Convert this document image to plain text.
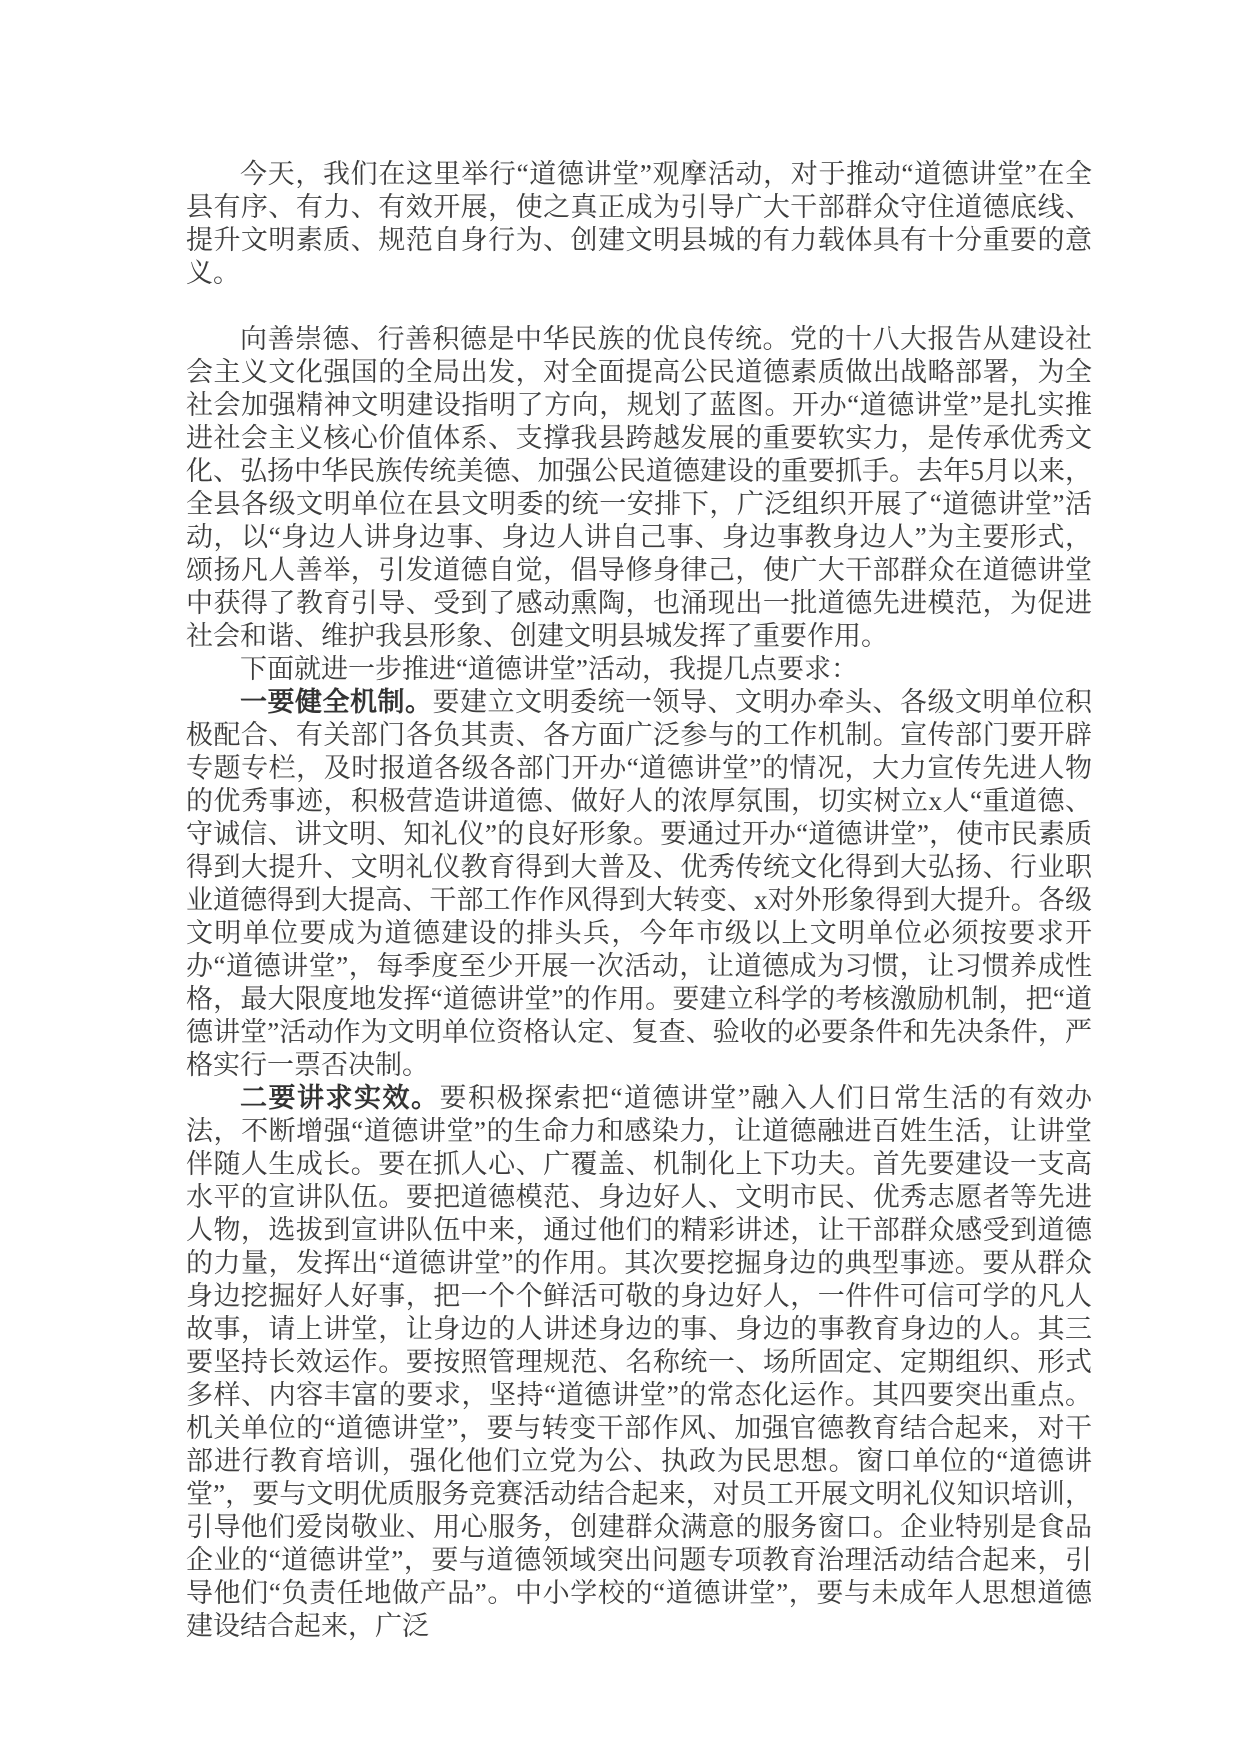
今天，我们在这里举行“道德讲堂”观摩活动，对于推动“道德讲堂”在全县有序、有力、有效开展，使之真正成为引导广大干部群众守住道德底线、提升文明素质、规范自身行为、创建文明县城的有力载体具有十分重要的意义。

向善崇德、行善积德是中华民族的优良传统。党的十八大报告从建设社会主义文化强国的全局出发，对全面提高公民道德素质做出战略部署，为全社会加强精神文明建设指明了方向，规划了蓝图。开办“道德讲堂”是扎实推进社会主义核心价值体系、支撑我县跨越发展的重要软实力，是传承优秀文化、弘扬中华民族传统美德、加强公民道德建设的重要抓手。去年5月以来，全县各级文明单位在县文明委的统一安排下，广泛组织开展了“道德讲堂”活动，以“身边人讲身边事、身边人讲自己事、身边事教身边人”为主要形式，颂扬凡人善举，引发道德自觉，倡导修身律己，使广大干部群众在道德讲堂中获得了教育引导、受到了感动熏陶，也涌现出一批道德先进模范，为促进社会和谐、维护我县形象、创建文明县城发挥了重要作用。

下面就进一步推进“道德讲堂”活动，我提几点要求：

一要健全机制。要建立文明委统一领导、文明办牵头、各级文明单位积极配合、有关部门各负其责、各方面广泛参与的工作机制。宣传部门要开辟专题专栏，及时报道各级各部门开办“道德讲堂”的情况，大力宣传先进人物的优秀事迹，积极营造讲道德、做好人的浓厚氛围，切实树立x人“重道德、守诚信、讲文明、知礼仪”的良好形象。要通过开办“道德讲堂”，使市民素质得到大提升、文明礼仪教育得到大普及、优秀传统文化得到大弘扬、行业职业道德得到大提高、干部工作作风得到大转变、x对外形象得到大提升。各级文明单位要成为道德建设的排头兵，今年市级以上文明单位必须按要求开办“道德讲堂”，每季度至少开展一次活动，让道德成为习惯，让习惯养成性格，最大限度地发挥“道德讲堂”的作用。要建立科学的考核激励机制，把“道德讲堂”活动作为文明单位资格认定、复查、验收的必要条件和先决条件，严格实行一票否决制。

二要讲求实效。要积极探索把“道德讲堂”融入人们日常生活的有效办法，不断增强“道德讲堂”的生命力和感染力，让道德融进百姓生活，让讲堂伴随人生成长。要在抓人心、广覆盖、机制化上下功夫。首先要建设一支高水平的宣讲队伍。要把道德模范、身边好人、文明市民、优秀志愿者等先进人物，选拔到宣讲队伍中来，通过他们的精彩讲述，让干部群众感受到道德的力量，发挥出“道德讲堂”的作用。其次要挖掘身边的典型事迹。要从群众身边挖掘好人好事，把一个个鲜活可敬的身边好人，一件件可信可学的凡人故事，请上讲堂，让身边的人讲述身边的事、身边的事教育身边的人。其三要坚持长效运作。要按照管理规范、名称统一、场所固定、定期组织、形式多样、内容丰富的要求，坚持“道德讲堂”的常态化运作。其四要突出重点。机关单位的“道德讲堂”，要与转变干部作风、加强官德教育结合起来，对干部进行教育培训，强化他们立党为公、执政为民思想。窗口单位的“道德讲堂”，要与文明优质服务竞赛活动结合起来，对员工开展文明礼仪知识培训，引导他们爱岗敬业、用心服务，创建群众满意的服务窗口。企业特别是食品企业的“道德讲堂”，要与道德领域突出问题专项教育治理活动结合起来，引导他们“负责任地做产品”。中小学校的“道德讲堂”，要与未成年人思想道德建设结合起来，广泛
